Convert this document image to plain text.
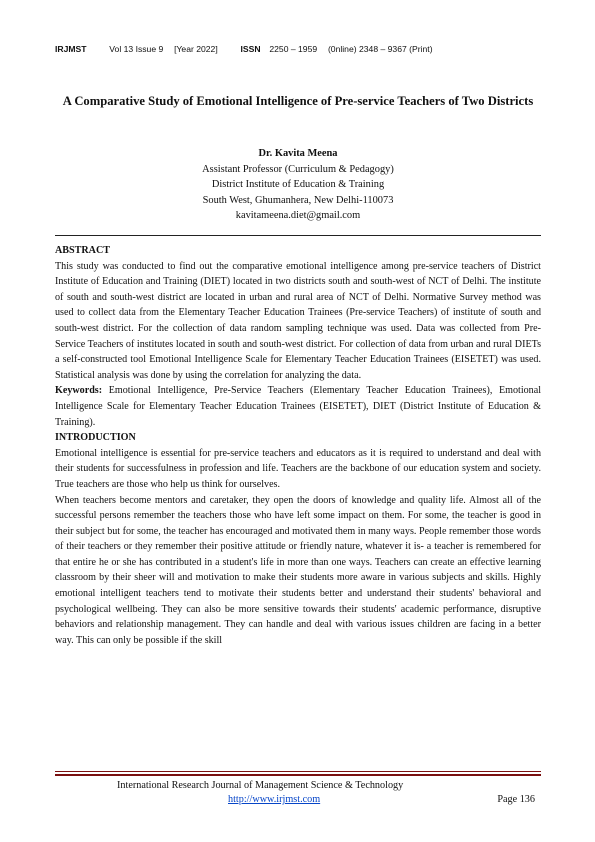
IRJMST	Vol 13 Issue 9 [Year 2022]	ISSN 2250 – 1959 (0nline) 2348 – 9367 (Print)
A Comparative Study of Emotional Intelligence of Pre-service Teachers of Two Districts
Dr. Kavita Meena
Assistant Professor (Curriculum & Pedagogy)
District Institute of Education & Training
South West, Ghumanhera, New Delhi-110073
kavitameena.diet@gmail.com
ABSTRACT

This study was conducted to find out the comparative emotional intelligence among pre-service teachers of District Institute of Education and Training (DIET) located in two districts south and south-west of NCT of Delhi. The institute of south and south-west district are located in urban and rural area of NCT of Delhi. Normative Survey method was used to collect data from the Elementary Teacher Education Trainees (Pre-service Teachers) of institute of south and south-west district. For the collection of data random sampling technique was used. Data was collected from Pre-Service Teachers of institutes located in south and south-west district. For collection of data from urban and rural DIETs a self-constructed tool Emotional Intelligence Scale for Elementary Teacher Education Trainees (EISETET) was used. Statistical analysis was done by using the correlation for analyzing the data.

Keywords: Emotional Intelligence, Pre-Service Teachers (Elementary Teacher Education Trainees), Emotional Intelligence Scale for Elementary Teacher Education Trainees (EISETET), DIET (District Institute of Education & Training).

INTRODUCTION

Emotional intelligence is essential for pre-service teachers and educators as it is required to understand and deal with their students for successfulness in profession and life. Teachers are the backbone of our education system and society. True teachers are those who help us think for ourselves.

When teachers become mentors and caretaker, they open the doors of knowledge and quality life. Almost all of the successful persons remember the teachers those who have left some impact on them. For some, the teacher is good in their subject but for some, the teacher has encouraged and motivated them in many ways. People remember those words of their teachers or they remember their positive attitude or friendly nature, whatever it is- a teacher is remembered for that entire he or she has contributed in a student's life in more than one ways. Teachers can create an effective learning classroom by their sheer will and motivation to make their students more aware in various subjects and skills. Highly emotional intelligent teachers tend to motivate their students better and understand their students' behavioral and psychological wellbeing. They can also be more sensitive towards their students' academic performance, disruptive behaviors and relationship management. They can handle and deal with various issues children are facing in a better way. This can only be possible if the skill

International Research Journal of Management Science & Technology
http://www.irjmst.com	Page 136
